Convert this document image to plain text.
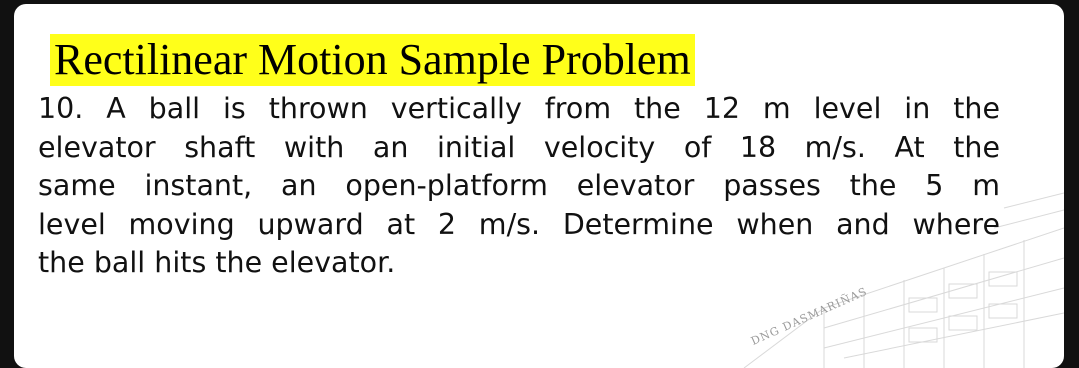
DNG DASMARIÑAS
Rectilinear Motion Sample Problem
10. A ball is thrown vertically from the 12 m level in the
elevator shaft with an initial velocity of 18 m/s. At the
same instant, an open-platform elevator passes the 5 m
level moving upward at 2 m/s. Determine when and where
the ball hits the elevator.
